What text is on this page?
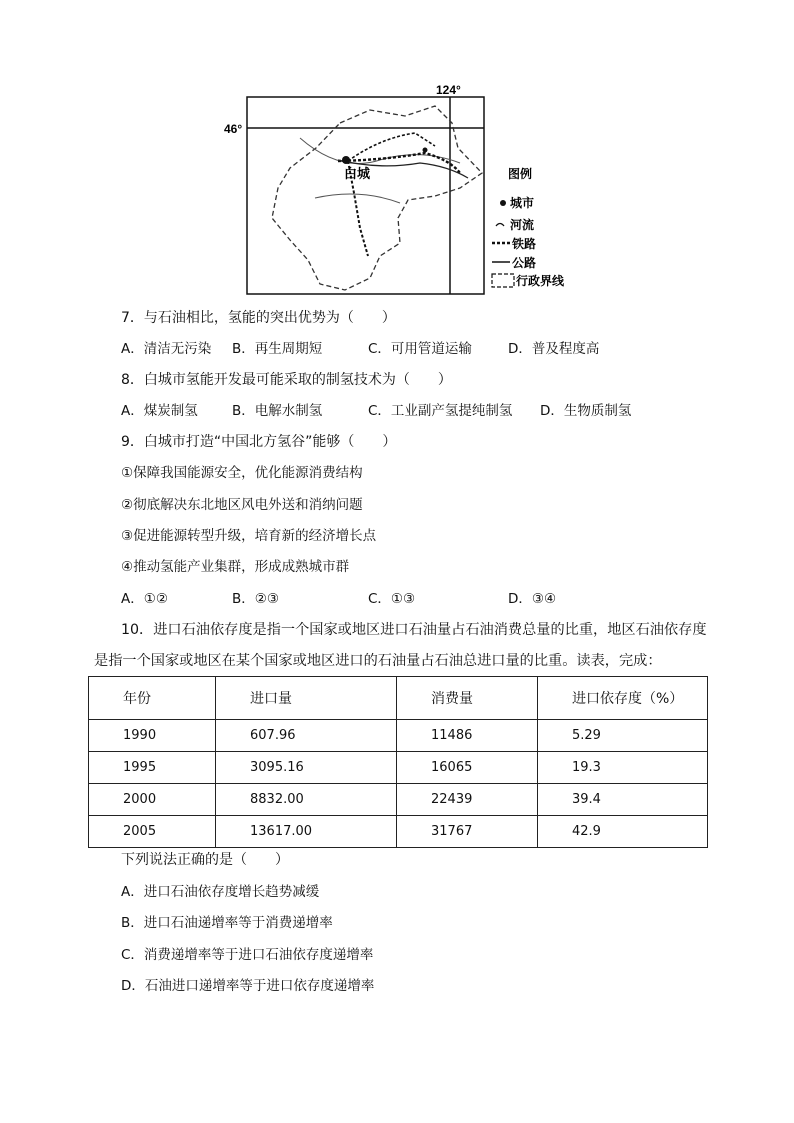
124°
46°
白城	图例
城市
河流
铁路
公路
行政界线
7．与石油相比，氢能的突出优势为（　　）
A．清洁无污染 B．再生周期短	C．可用管道运输	D．普及程度高
8．白城市氢能开发最可能采取的制氢技术为（　　）
A．煤炭制氢	B．电解水制氢	C．工业副产氢提纯制氢 D．生物质制氢
9．白城市打造“中国北方氢谷”能够（　　）
①保障我国能源安全，优化能源消费结构
②彻底解决东北地区风电外送和消纳问题
③促进能源转型升级，培育新的经济增长点
④推动氢能产业集群，形成成熟城市群
A．①②	B．②③	C．①③	D．③④
10．进口石油依存度是指一个国家或地区进口石油量占石油消费总量的比重，地区石油依存度
是指一个国家或地区在某个国家或地区进口的石油量占石油总进口量的比重。读表，完成：
年份	进口量	消费量	进口依存度（%）
1990	607.96	11486	5.29
1995	3095.16	16065	19.3
2000	8832.00	22439	39.4
2005	13617.00	31767	42.9
下列说法正确的是（　　）
A．进口石油依存度增长趋势减缓
B．进口石油递增率等于消费递增率
C．消费递增率等于进口石油依存度递增率
D．石油进口递增率等于进口依存度递增率
